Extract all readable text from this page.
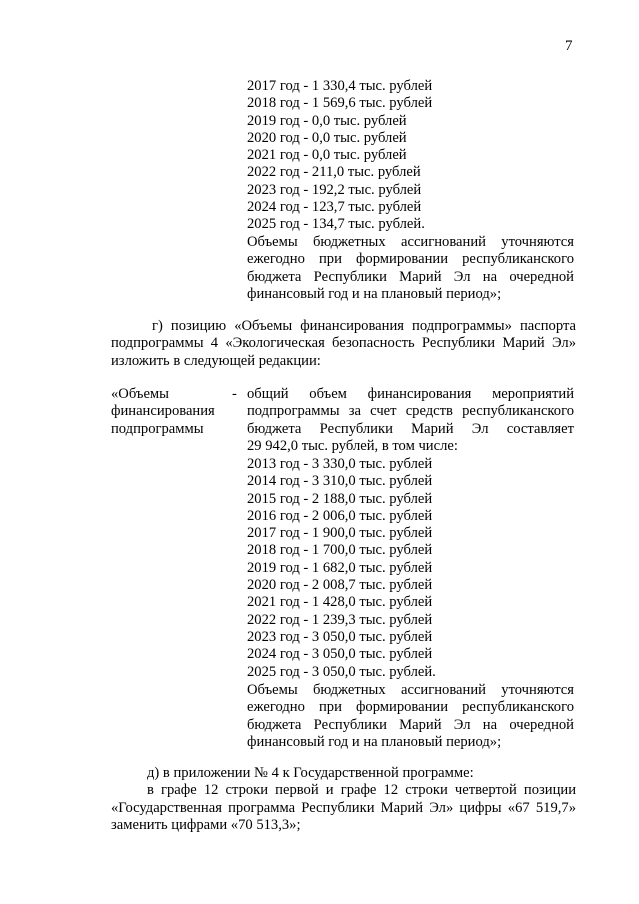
7
2017 год - 1 330,4 тыс. рублей
2018 год - 1 569,6 тыс. рублей
2019 год - 0,0 тыс. рублей
2020 год - 0,0 тыс. рублей
2021 год - 0,0 тыс. рублей
2022 год - 211,0 тыс. рублей
2023 год - 192,2 тыс. рублей
2024 год - 123,7 тыс. рублей
2025 год - 134,7 тыс. рублей.
Объемы бюджетных ассигнований уточняются
ежегодно при формировании республиканского
бюджета Республики Марий Эл на очередной
финансовый год и на плановый период»;
г) позицию «Объемы финансирования подпрограммы» паспорта
подпрограммы 4 «Экологическая безопасность Республики Марий Эл»
изложить в следующей редакции:
«Объемы
финансирования
подпрограммы
- общий объем финансирования мероприятий
подпрограммы за счет средств республиканского
бюджета Республики Марий Эл составляет
29 942,0 тыс. рублей, в том числе:
2013 год - 3 330,0 тыс. рублей
2014 год - 3 310,0 тыс. рублей
2015 год - 2 188,0 тыс. рублей
2016 год - 2 006,0 тыс. рублей
2017 год - 1 900,0 тыс. рублей
2018 год - 1 700,0 тыс. рублей
2019 год - 1 682,0 тыс. рублей
2020 год - 2 008,7 тыс. рублей
2021 год - 1 428,0 тыс. рублей
2022 год - 1 239,3 тыс. рублей
2023 год - 3 050,0 тыс. рублей
2024 год - 3 050,0 тыс. рублей
2025 год - 3 050,0 тыс. рублей.
Объемы бюджетных ассигнований уточняются
ежегодно при формировании республиканского
бюджета Республики Марий Эл на очередной
финансовый год и на плановый период»;
д) в приложении № 4 к Государственной программе:
в графе 12 строки первой и графе 12 строки четвертой позиции
«Государственная программа Республики Марий Эл» цифры «67 519,7»
заменить цифрами «70 513,3»;
